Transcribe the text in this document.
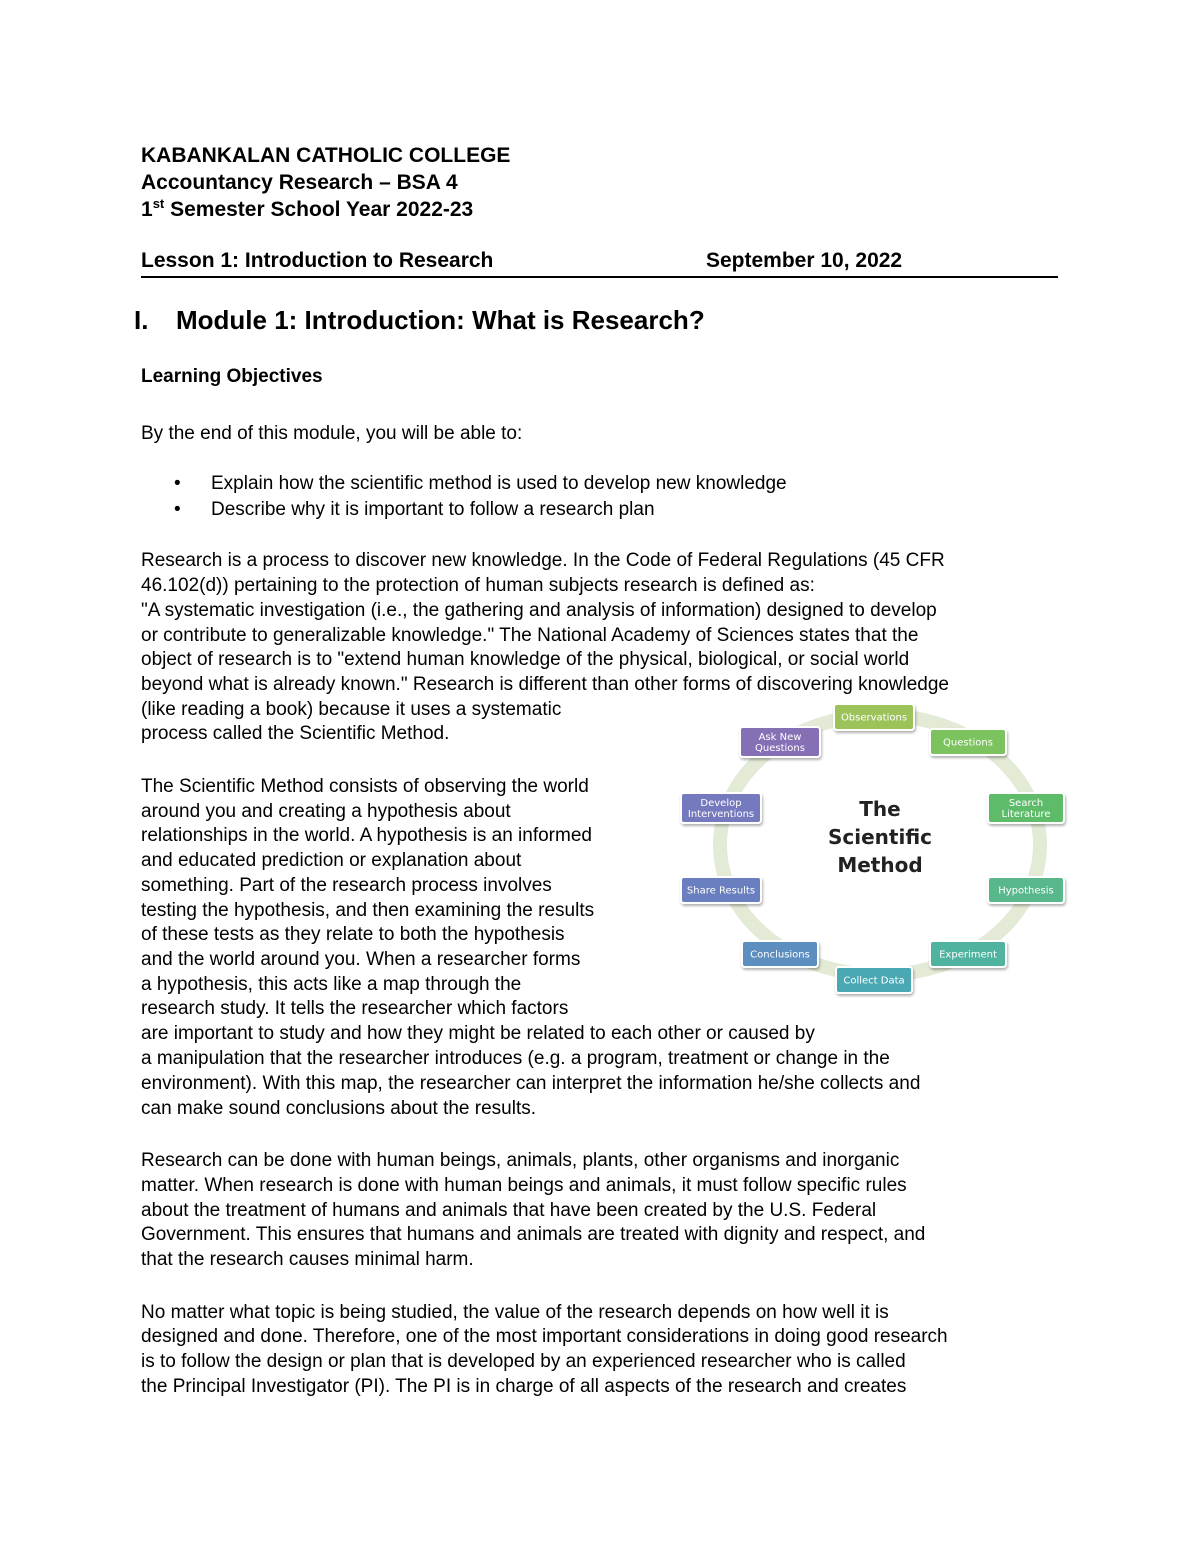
KABANKALAN CATHOLIC COLLEGE
Accountancy Research – BSA 4
1st Semester School Year 2022-23
Lesson 1: Introduction to Research	September 10, 2022
I. Module 1: Introduction: What is Research?
Learning Objectives
By the end of this module, you will be able to:
• Explain how the scientific method is used to develop new knowledge
• Describe why it is important to follow a research plan
Research is a process to discover new knowledge. In the Code of Federal Regulations (45 CFR
46.102(d)) pertaining to the protection of human subjects research is defined as:
"A systematic investigation (i.e., the gathering and analysis of information) designed to develop
or contribute to generalizable knowledge." The National Academy of Sciences states that the
object of research is to "extend human knowledge of the physical, biological, or social world
beyond what is already known." Research is different than other forms of discovering knowledge
(like reading a book) because it uses a systematic
process called the Scientific Method.
The Scientific Method consists of observing the world
around you and creating a hypothesis about
relationships in the world. A hypothesis is an informed
and educated prediction or explanation about
something. Part of the research process involves
testing the hypothesis, and then examining the results
of these tests as they relate to both the hypothesis
and the world around you. When a researcher forms
a hypothesis, this acts like a map through the
research study. It tells the researcher which factors
are important to study and how they might be related to each other or caused by
a manipulation that the researcher introduces (e.g. a program, treatment or change in the
environment). With this map, the researcher can interpret the information he/she collects and
can make sound conclusions about the results.
Research can be done with human beings, animals, plants, other organisms and inorganic
matter. When research is done with human beings and animals, it must follow specific rules
about the treatment of humans and animals that have been created by the U.S. Federal
Government. This ensures that humans and animals are treated with dignity and respect, and
that the research causes minimal harm.
No matter what topic is being studied, the value of the research depends on how well it is
designed and done. Therefore, one of the most important considerations in doing good research
is to follow the design or plan that is developed by an experienced researcher who is called
the Principal Investigator (PI). The PI is in charge of all aspects of the research and creates
The
Scientific
Method
Observations
Questions
Search
Literature
Hypothesis
Experiment
Collect Data
Conclusions
Share Results
Develop
Interventions
Ask New
Questions
